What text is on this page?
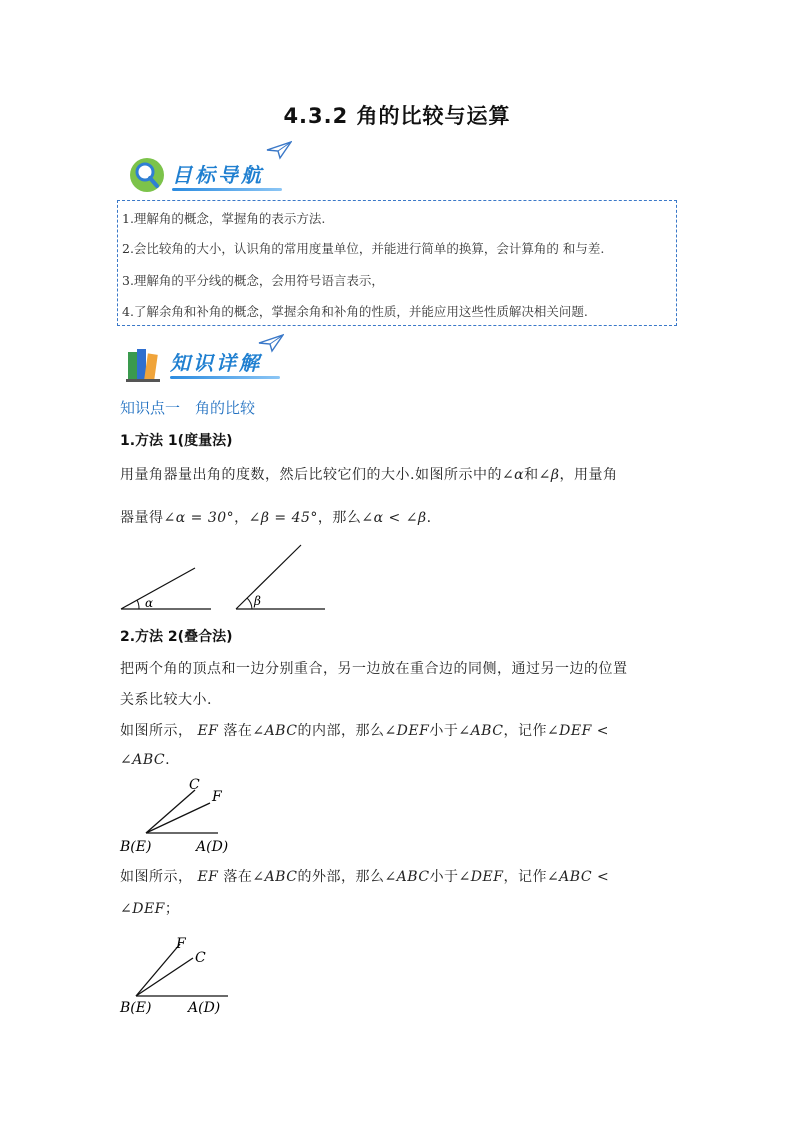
4.3.2 角的比较与运算
目标导航
1.理解角的概念，掌握角的表示方法.
2.会比较角的大小，认识角的常用度量单位，并能进行简单的换算，会计算角的 和与差.
3.理解角的平分线的概念，会用符号语言表示，
4.了解余角和补角的概念，掌握余角和补角的性质，并能应用这些性质解决相关问题.
知识详解
知识点一　角的比较
1.方法 1(度量法)
用量角器量出角的度数，然后比较它们的大小.如图所示中的∠α和∠β，用量角
器量得∠α = 30°，∠β = 45°，那么∠α < ∠β.
α	β
2.方法 2(叠合法)
把两个角的顶点和一边分别重合，另一边放在重合边的同侧，通过另一边的位置
关系比较大小.
如图所示， EF 落在∠ABC的内部，那么∠DEF小于∠ABC，记作∠DEF <
∠ABC.
C
F
B(E)	A(D)
如图所示， EF 落在∠ABC的外部，那么∠ABC小于∠DEF，记作∠ABC <
∠DEF；
F
C
B(E)	A(D)
